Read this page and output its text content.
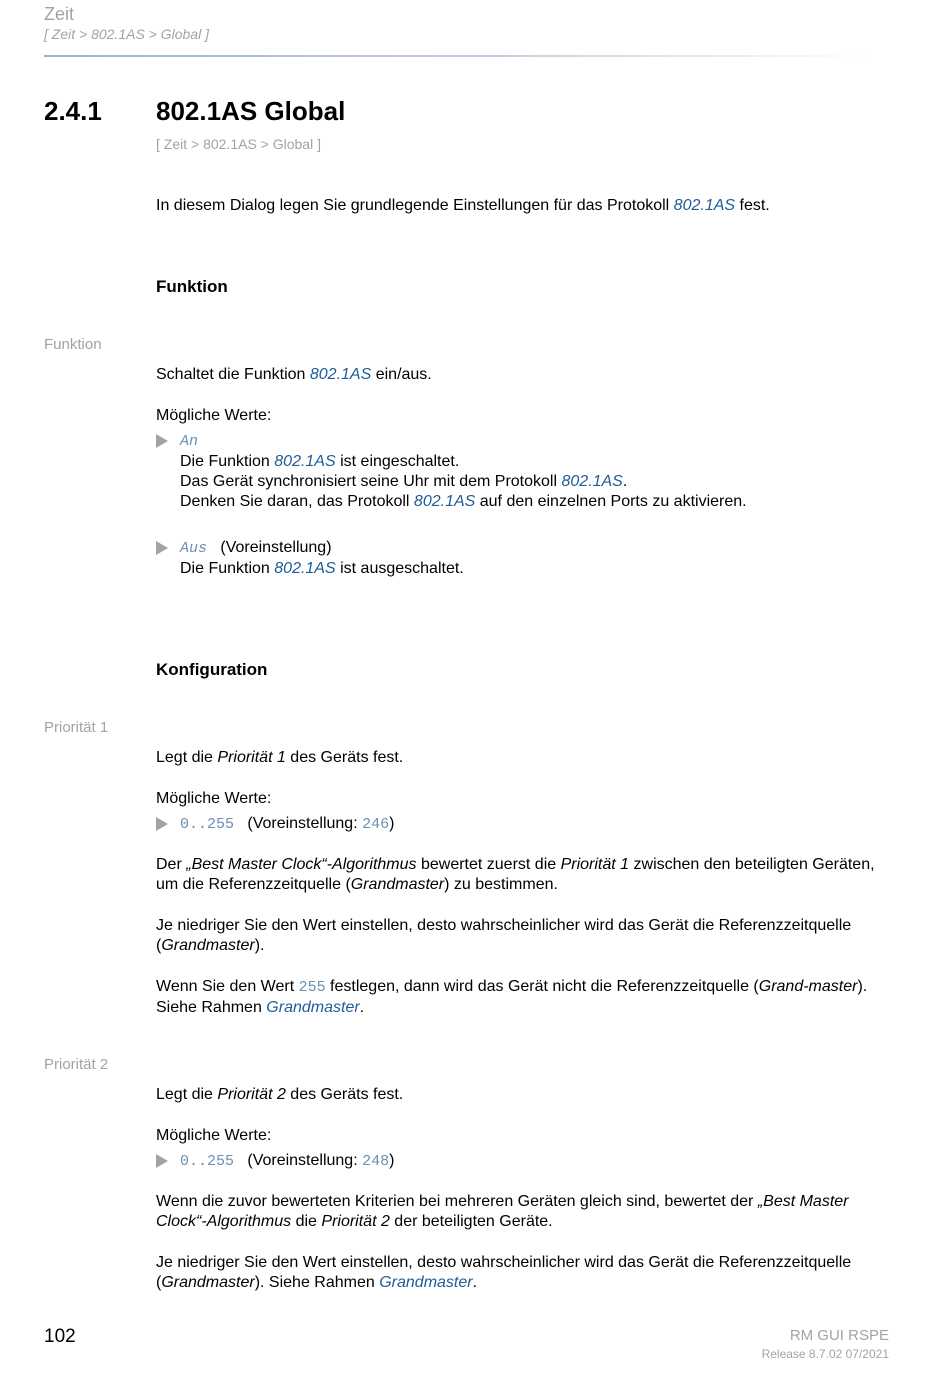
Zeit
[ Zeit > 802.1AS > Global ]
2.4.1 802.1AS Global
[ Zeit > 802.1AS > Global ]
In diesem Dialog legen Sie grundlegende Einstellungen für das Protokoll 802.1AS fest.
Funktion
Funktion
Schaltet die Funktion 802.1AS ein/aus.
Mögliche Werte:
An
Die Funktion 802.1AS ist eingeschaltet.
Das Gerät synchronisiert seine Uhr mit dem Protokoll 802.1AS.
Denken Sie daran, das Protokoll 802.1AS auf den einzelnen Ports zu aktivieren.
Aus (Voreinstellung)
Die Funktion 802.1AS ist ausgeschaltet.
Konfiguration
Priorität 1
Legt die Priorität 1 des Geräts fest.
Mögliche Werte:
0..255 (Voreinstellung: 246)
Der „Best Master Clock“-Algorithmus bewertet zuerst die Priorität 1 zwischen den beteiligten Geräten, um die Referenzzeitquelle (Grandmaster) zu bestimmen.
Je niedriger Sie den Wert einstellen, desto wahrscheinlicher wird das Gerät die Referenzzeitquelle (Grandmaster).
Wenn Sie den Wert 255 festlegen, dann wird das Gerät nicht die Referenzzeitquelle (Grand-master). Siehe Rahmen Grandmaster.
Priorität 2
Legt die Priorität 2 des Geräts fest.
Mögliche Werte:
0..255 (Voreinstellung: 248)
Wenn die zuvor bewerteten Kriterien bei mehreren Geräten gleich sind, bewertet der „Best Master Clock“-Algorithmus die Priorität 2 der beteiligten Geräte.
Je niedriger Sie den Wert einstellen, desto wahrscheinlicher wird das Gerät die Referenzzeitquelle (Grandmaster). Siehe Rahmen Grandmaster.
102	RM GUI RSPE
Release 8.7.02 07/2021
